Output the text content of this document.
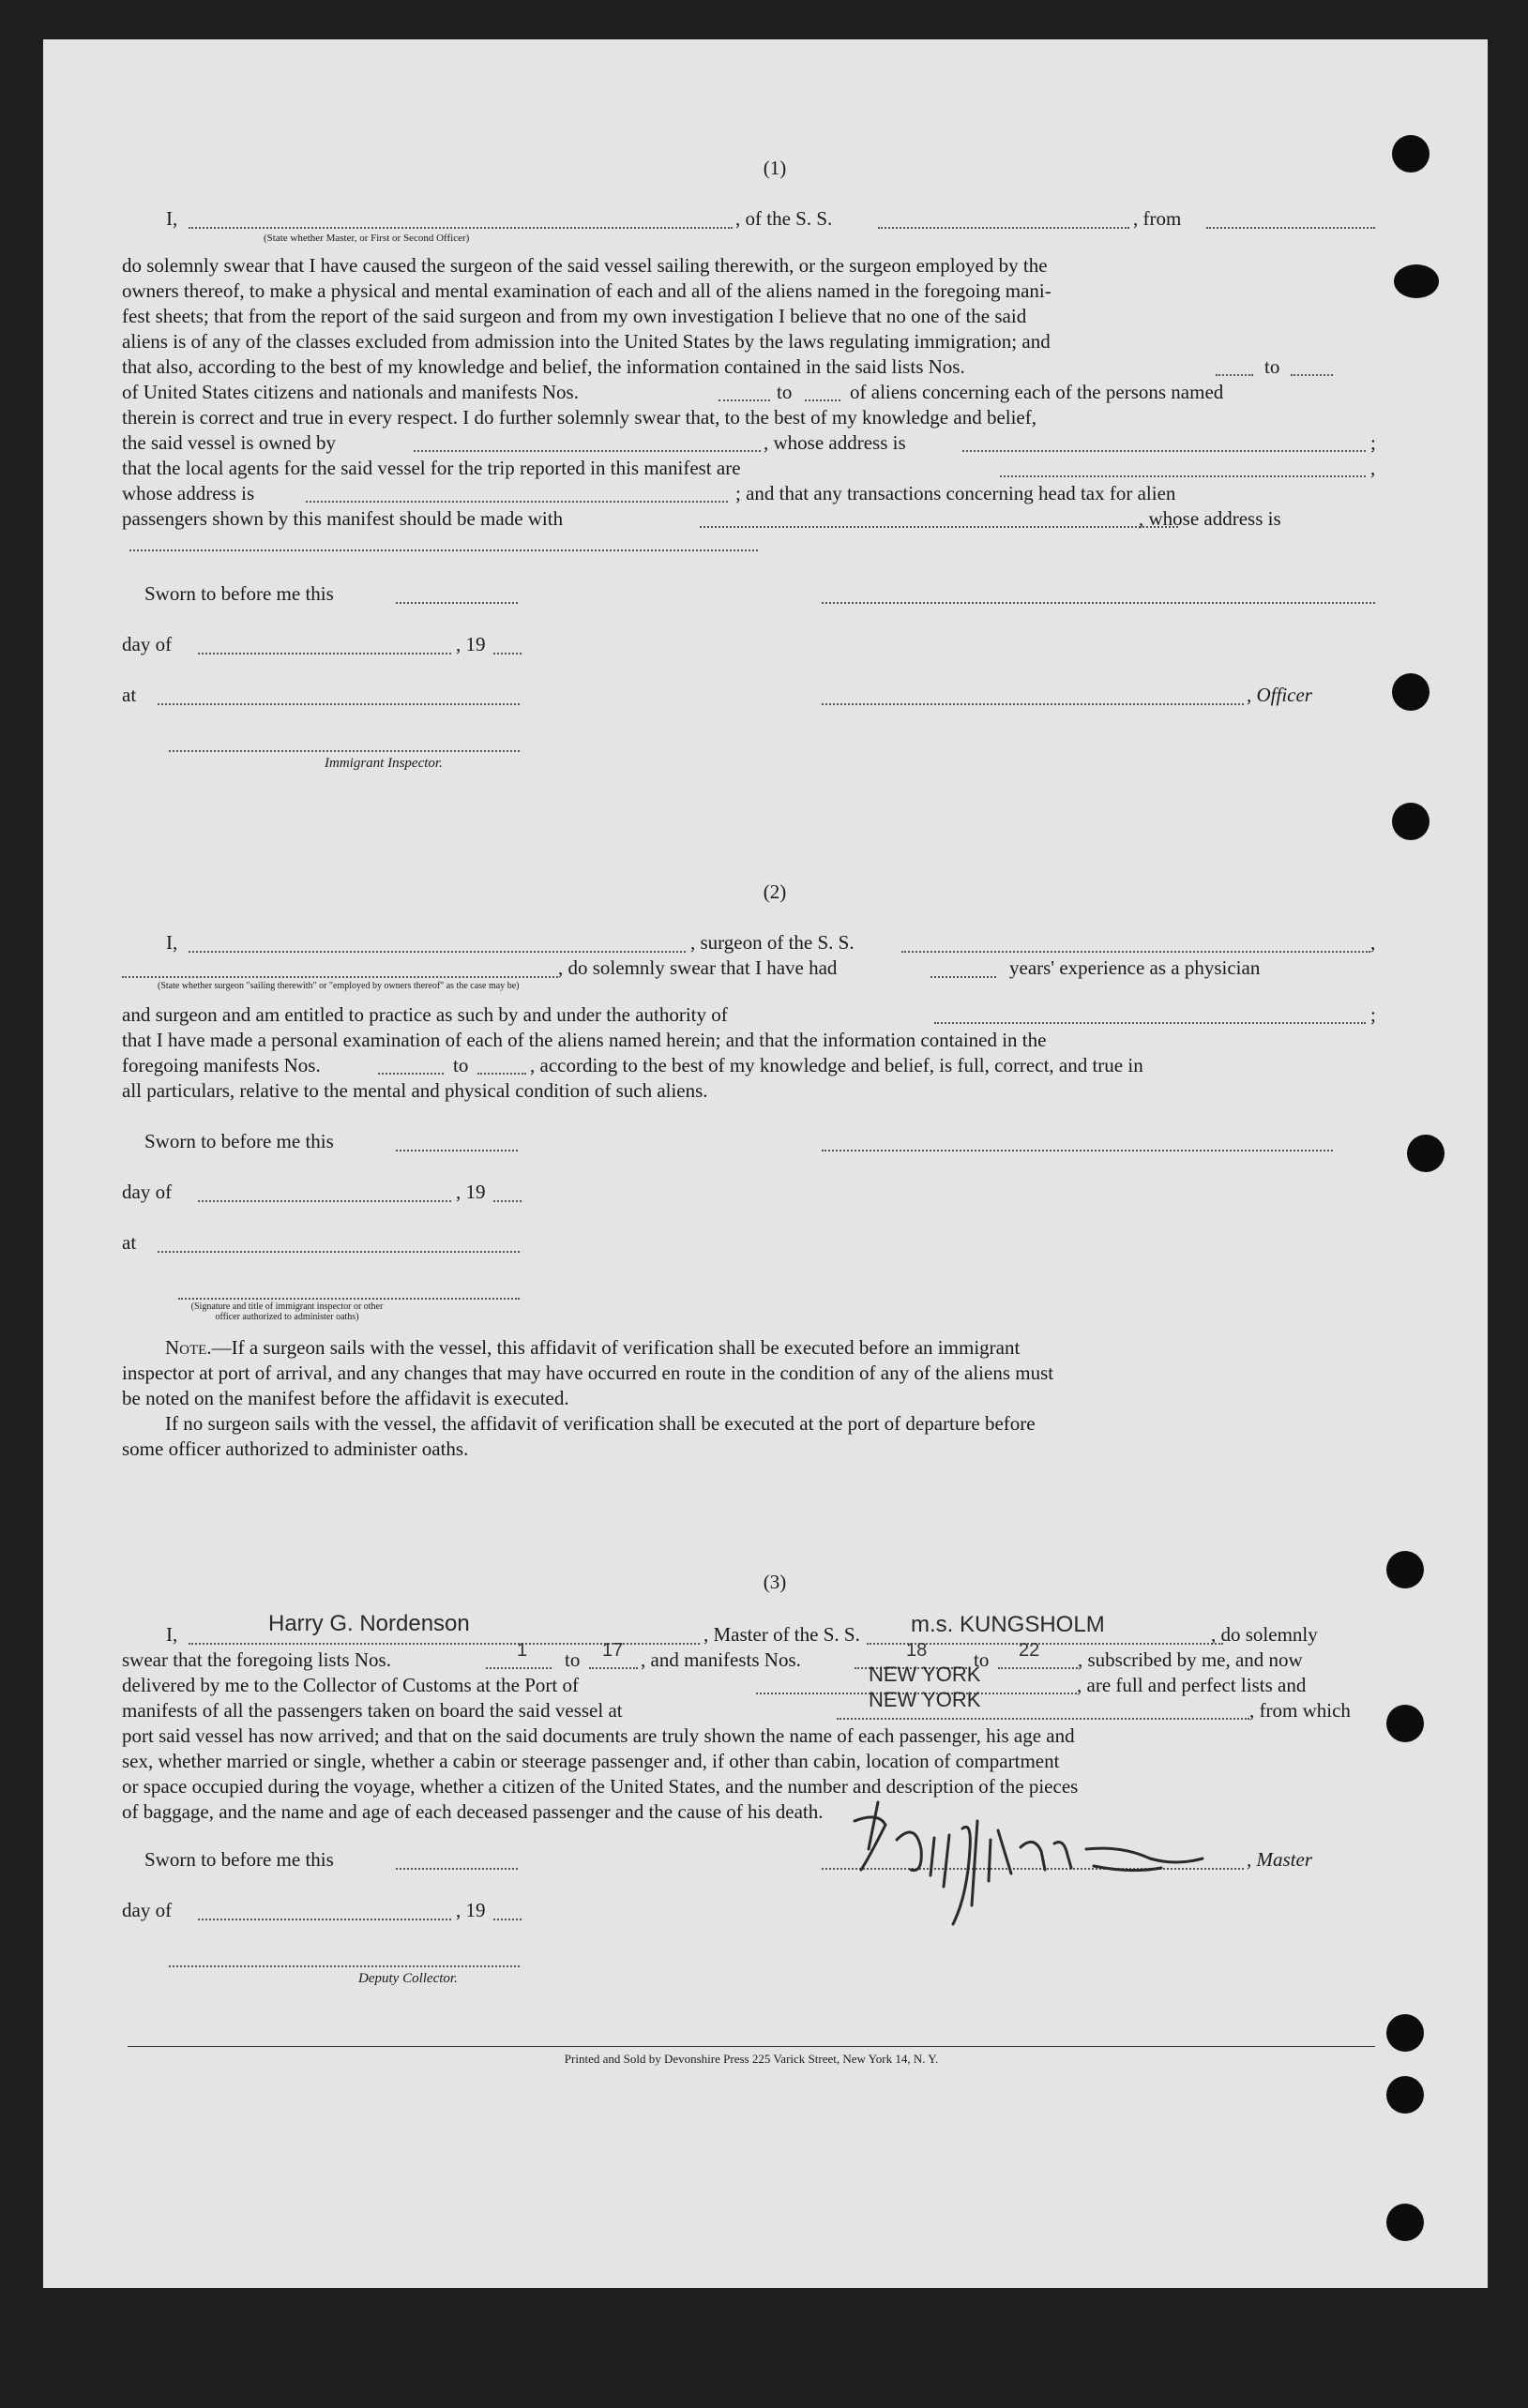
(1)
I,	, of the S. S.	, from
(State whether Master, or First or Second Officer)
do solemnly swear that I have caused the surgeon of the said vessel sailing therewith, or the surgeon employed by the
owners thereof, to make a physical and mental examination of each and all of the aliens named in the foregoing mani-
fest sheets; that from the report of the said surgeon and from my own investigation I believe that no one of the said
aliens is of any of the classes excluded from admission into the United States by the laws regulating immigration; and
that also, according to the best of my knowledge and belief, the information contained in the said lists Nos.	to
of United States citizens and nationals and manifests Nos.	to	of aliens concerning each of the persons named
therein is correct and true in every respect. I do further solemnly swear that, to the best of my knowledge and belief,
the said vessel is owned by	, whose address is	;
that the local agents for the said vessel for the trip reported in this manifest are	,
whose address is	; and that any transactions concerning head tax for alien
passengers shown by this manifest should be made with	, whose address is
Sworn to before me this
day of	, 19
at	, Officer
Immigrant Inspector.
(2)
I,	, surgeon of the S. S.	,
, do solemnly swear that I have had	years' experience as a physician
(State whether surgeon "sailing therewith" or "employed by owners thereof" as the case may be)
and surgeon and am entitled to practice as such by and under the authority of	;
that I have made a personal examination of each of the aliens named herein; and that the information contained in the
foregoing manifests Nos.	to	, according to the best of my knowledge and belief, is full, correct, and true in
all particulars, relative to the mental and physical condition of such aliens.
Sworn to before me this
day of	, 19
at
(Signature and title of immigrant inspector or other officer authorized to administer oaths)
Note.—If a surgeon sails with the vessel, this affidavit of verification shall be executed before an immigrant
inspector at port of arrival, and any changes that may have occurred en route in the condition of any of the aliens must
be noted on the manifest before the affidavit is executed.
If no surgeon sails with the vessel, the affidavit of verification shall be executed at the port of departure before
some officer authorized to administer oaths.
(3)
I,	Harry G. Nordenson	, Master of the S. S. m.s. KUNGSHOLM	, do solemnly
swear that the foregoing lists Nos.	1 to 17 , and manifests Nos.	18 to 22 , subscribed by me, and now
delivered by me to the Collector of Customs at the Port of	NEW YORK	, are full and perfect lists and
manifests of all the passengers taken on board the said vessel at	NEW YORK	, from which
port said vessel has now arrived; and that on the said documents are truly shown the name of each passenger, his age and
sex, whether married or single, whether a cabin or steerage passenger and, if other than cabin, location of compartment
or space occupied during the voyage, whether a citizen of the United States, and the number and description of the pieces
of baggage, and the name and age of each deceased passenger and the cause of his death.
Sworn to before me this	, Master
day of	, 19
Deputy Collector.
Printed and Sold by Devonshire Press 225 Varick Street, New York 14, N. Y.
